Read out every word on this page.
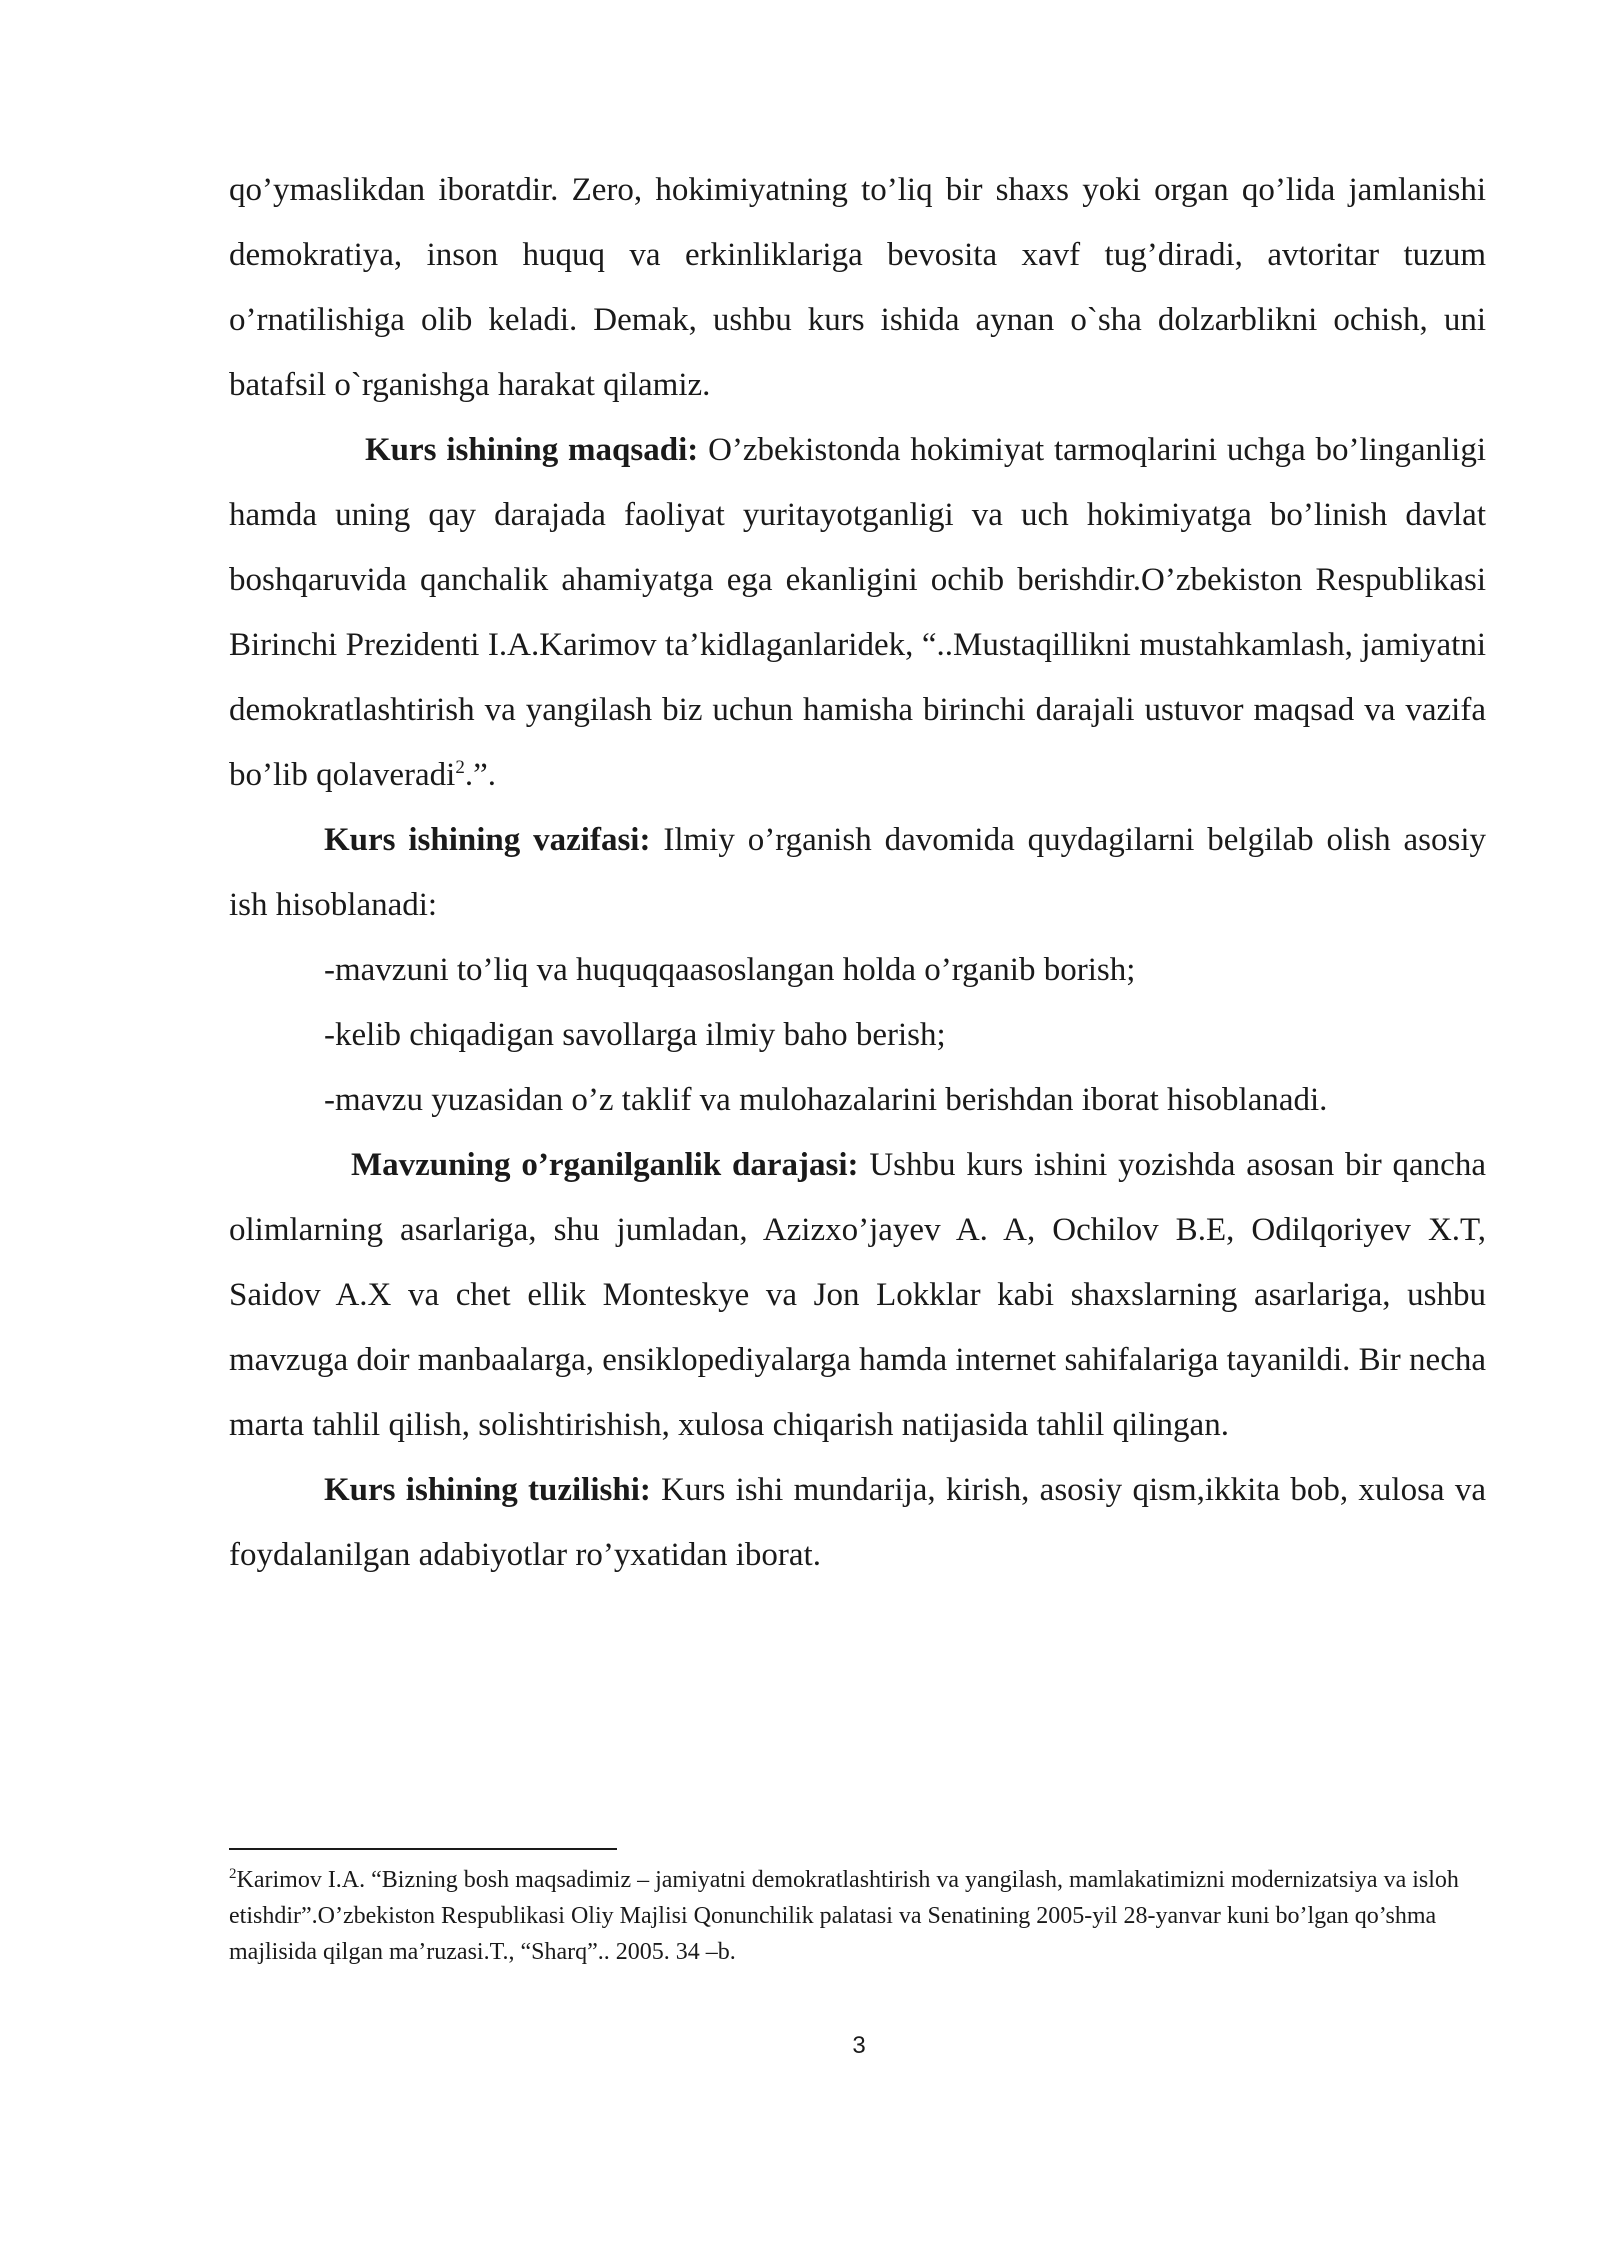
qo’ymaslikdan iboratdir. Zero, hokimiyatning to’liq bir shaxs yoki organ qo’lida jamlanishi demokratiya, inson huquq va erkinliklariga bevosita xavf tug’diradi, avtoritar tuzum o’rnatilishiga olib keladi. Demak, ushbu kurs ishida aynan o`sha dolzarblikni ochish, uni batafsil o`rganishga harakat qilamiz.

Kurs ishining maqsadi: O’zbekistonda hokimiyat tarmoqlarini uchga bo’linganligi hamda uning qay darajada faoliyat yuritayotganligi va uch hokimiyatga bo’linish davlat boshqaruvida qanchalik ahamiyatga ega ekanligini ochib berishdir.O’zbekiston Respublikasi Birinchi Prezidenti I.A.Karimov ta’kidlaganlaridek, “..Mustaqillikni mustahkamlash, jamiyatni demokratlashtirish va yangilash biz uchun hamisha birinchi darajali ustuvor maqsad va vazifa bo’lib qolaveradi$^2$.”.

Kurs ishining vazifasi: Ilmiy o’rganish davomida quydagilarni belgilab olish asosiy ish hisoblanadi:

-mavzuni to’liq va huquqqaasoslangan holda o’rganib borish;

-kelib chiqadigan savollarga ilmiy baho berish;

-mavzu yuzasidan o’z taklif va mulohazalarini berishdan iborat hisoblanadi.

Mavzuning o’rganilganlik darajasi: Ushbu kurs ishini yozishda asosan bir qancha olimlarning asarlariga, shu jumladan, Azizxo’jayev A. A, Ochilov B.E, Odilqoriyev X.T, Saidov A.X va chet ellik Monteskye va Jon Lokklar kabi shaxslarning asarlariga, ushbu mavzuga doir manbaalarga, ensiklopediyalarga hamda internet sahifalariga tayanildi. Bir necha marta tahlil qilish, solishtirishish, xulosa chiqarish natijasida tahlil qilingan.

Kurs ishining tuzilishi: Kurs ishi mundarija, kirish, asosiy qism,ikkita bob, xulosa va foydalanilgan adabiyotlar ro’yxatidan iborat.

$^2$Karimov I.A. “Bizning bosh maqsadimiz – jamiyatni demokratlashtirish va yangilash, mamlakatimizni modernizatsiya va isloh etishdir”.O’zbekiston Respublikasi Oliy Majlisi Qonunchilik palatasi va Senatining 2005-yil 28-yanvar kuni bo’lgan qo’shma majlisida qilgan ma’ruzasi.T., “Sharq”.. 2005. 34 –b.
3
